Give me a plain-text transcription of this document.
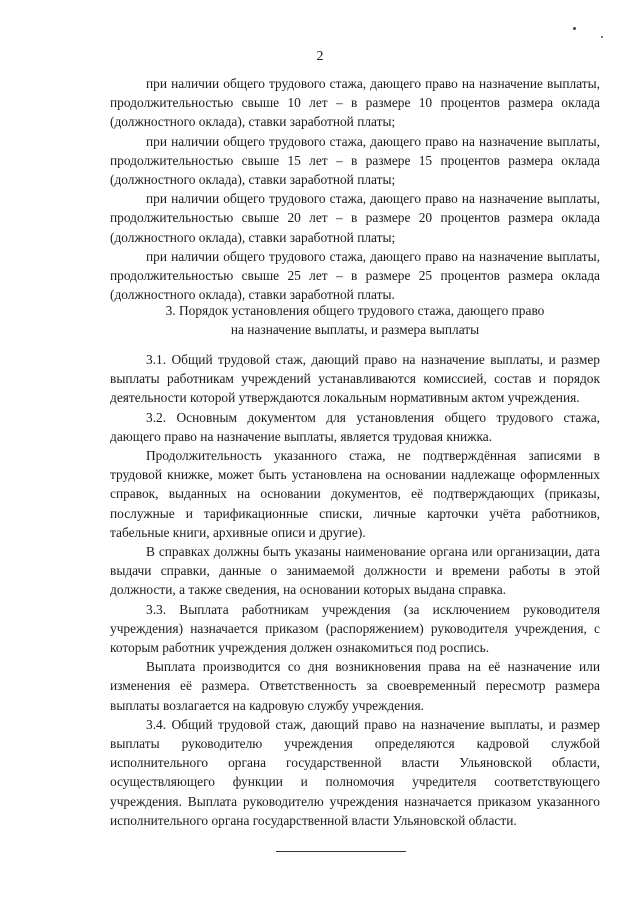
2

при наличии общего трудового стажа, дающего право на назначение выплаты, продолжительностью свыше 10 лет – в размере 10 процентов размера оклада (должностного оклада), ставки заработной платы;

при наличии общего трудового стажа, дающего право на назначение выплаты, продолжительностью свыше 15 лет – в размере 15 процентов размера оклада (должностного оклада), ставки заработной платы;

при наличии общего трудового стажа, дающего право на назначение выплаты, продолжительностью свыше 20 лет – в размере 20 процентов размера оклада (должностного оклада), ставки заработной платы;

при наличии общего трудового стажа, дающего право на назначение выплаты, продолжительностью свыше 25 лет – в размере 25 процентов размера оклада (должностного оклада), ставки заработной платы.

3. Порядок установления общего трудового стажа, дающего право
на назначение выплаты, и размера выплаты

3.1. Общий трудовой стаж, дающий право на назначение выплаты, и размер выплаты работникам учреждений устанавливаются комиссией, состав и порядок деятельности которой утверждаются локальным нормативным актом учреждения.

3.2. Основным документом для установления общего трудового стажа, дающего право на назначение выплаты, является трудовая книжка.

Продолжительность указанного стажа, не подтверждённая записями в трудовой книжке, может быть установлена на основании надлежаще оформленных справок, выданных на основании документов, её подтверждающих (приказы, послужные и тарификационные списки, личные карточки учёта работников, табельные книги, архивные описи и другие).

В справках должны быть указаны наименование органа или организации, дата выдачи справки, данные о занимаемой должности и времени работы в этой должности, а также сведения, на основании которых выдана справка.

3.3. Выплата работникам учреждения (за исключением руководителя учреждения) назначается приказом (распоряжением) руководителя учреждения, с которым работник учреждения должен ознакомиться под роспись.

Выплата производится со дня возникновения права на её назначение или изменения её размера. Ответственность за своевременный пересмотр размера выплаты возлагается на кадровую службу учреждения.

3.4. Общий трудовой стаж, дающий право на назначение выплаты, и размер выплаты руководителю учреждения определяются кадровой службой исполнительного органа государственной власти Ульяновской области, осуществляющего функции и полномочия учредителя соответствующего учреждения. Выплата руководителю учреждения назначается приказом указанного исполнительного органа государственной власти Ульяновской области.
